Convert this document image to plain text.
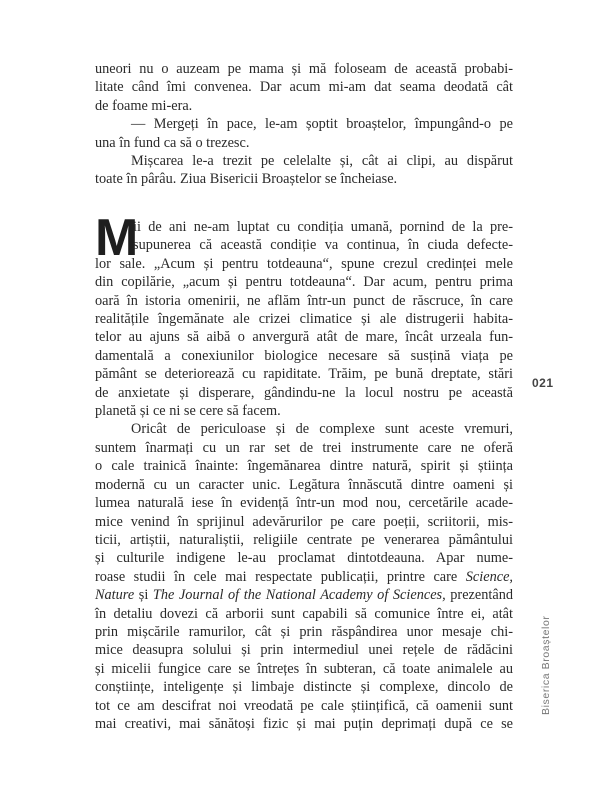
uneori nu o auzeam pe mama și mă foloseam de această probabi-
litate când îmi convenea. Dar acum mi-am dat seama deodată cât
de foame mi-era.
— Mergeți în pace, le-am șoptit broaștelor, împungând-o pe
una în fund ca să o trezesc.
Mișcarea le-a trezit pe celelalte și, cât ai clipi, au dispărut
toate în pârâu. Ziua Bisericii Broaștelor se încheiase.
M
ii de ani ne-am luptat cu condiția umană, pornind de la pre-
supunerea că această condiție va continua, în ciuda defecte-
lor sale. „Acum și pentru totdeauna“, spune crezul credinței mele
din copilărie, „acum și pentru totdeauna“. Dar acum, pentru prima
oară în istoria omenirii, ne aflăm într-un punct de răscruce, în care
realitățile îngemănate ale crizei climatice și ale distrugerii habita-
telor au ajuns să aibă o anvergură atât de mare, încât urzeala fun-
damentală a conexiunilor biologice necesare să susțină viața pe
pământ se deteriorează cu rapiditate. Trăim, pe bună dreptate, stări
de anxietate și disperare, gândindu-ne la locul nostru pe această
planetă și ce ni se cere să facem.
Oricât de periculoase și de complexe sunt aceste vremuri,
suntem înarmați cu un rar set de trei instrumente care ne oferă
o cale trainică înainte: îngemănarea dintre natură, spirit și știința
modernă cu un caracter unic. Legătura înnăscută dintre oameni și
lumea naturală iese în evidență într-un mod nou, cercetările acade-
mice venind în sprijinul adevărurilor pe care poeții, scriitorii, mis-
ticii, artiștii, naturaliștii, religiile centrate pe venerarea pământului
și culturile indigene le-au proclamat dintotdeauna. Apar nume-
roase studii în cele mai respectate publicații, printre care Science,
Nature și The Journal of the National Academy of Sciences, prezentând
în detaliu dovezi că arborii sunt capabili să comunice între ei, atât
prin mișcările ramurilor, cât și prin răspândirea unor mesaje chi-
mice deasupra solului și prin intermediul unei rețele de rădăcini
și micelii fungice care se întrețes în subteran, că toate animalele au
conștiințe, inteligențe și limbaje distincte și complexe, dincolo de
tot ce am descifrat noi vreodată pe cale științifică, că oamenii sunt
mai creativi, mai sănătoși fizic și mai puțin deprimați după ce se
021
Biserica Broaștelor
